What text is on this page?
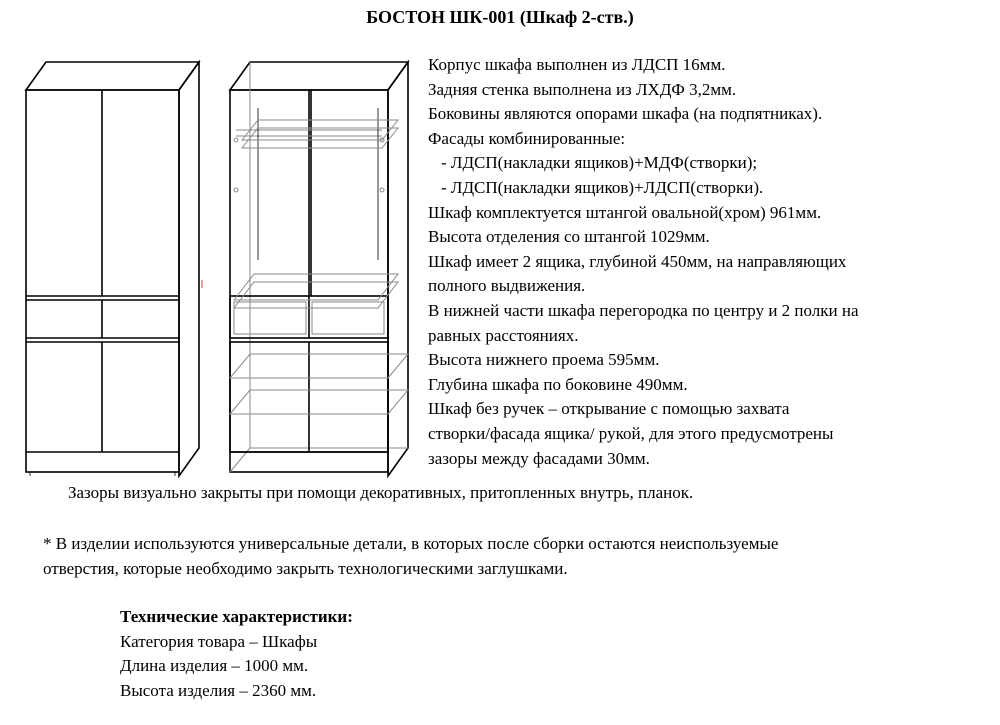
БОСТОН ШК-001 (Шкаф 2-ств.)
Корпус шкафа выполнен из ЛДСП 16мм.
Задняя стенка выполнена из ЛХДФ 3,2мм.
Боковины являются опорами шкафа (на подпятниках).
Фасады комбинированные:
- ЛДСП(накладки ящиков)+МДФ(створки);
- ЛДСП(накладки ящиков)+ЛДСП(створки).
Шкаф комплектуется штангой овальной(хром) 961мм.
Высота отделения со штангой 1029мм.
Шкаф имеет 2 ящика, глубиной 450мм, на направляющих
полного выдвижения.
В нижней части шкафа перегородка по центру и 2 полки на
равных расстояниях.
Высота нижнего проема 595мм.
Глубина шкафа по боковине 490мм.
Шкаф без ручек – открывание с помощью захвата
створки/фасада ящика/ рукой, для этого предусмотрены
зазоры между фасадами 30мм.
Зазоры визуально закрыты при помощи декоративных, притопленных внутрь, планок.
* В изделии используются универсальные детали, в которых после сборки остаются неиспользуемые
отверстия, которые необходимо закрыть технологическими заглушками.
Технические характеристики:
Категория товара – Шкафы
Длина изделия – 1000 мм.
Высота изделия – 2360 мм.
